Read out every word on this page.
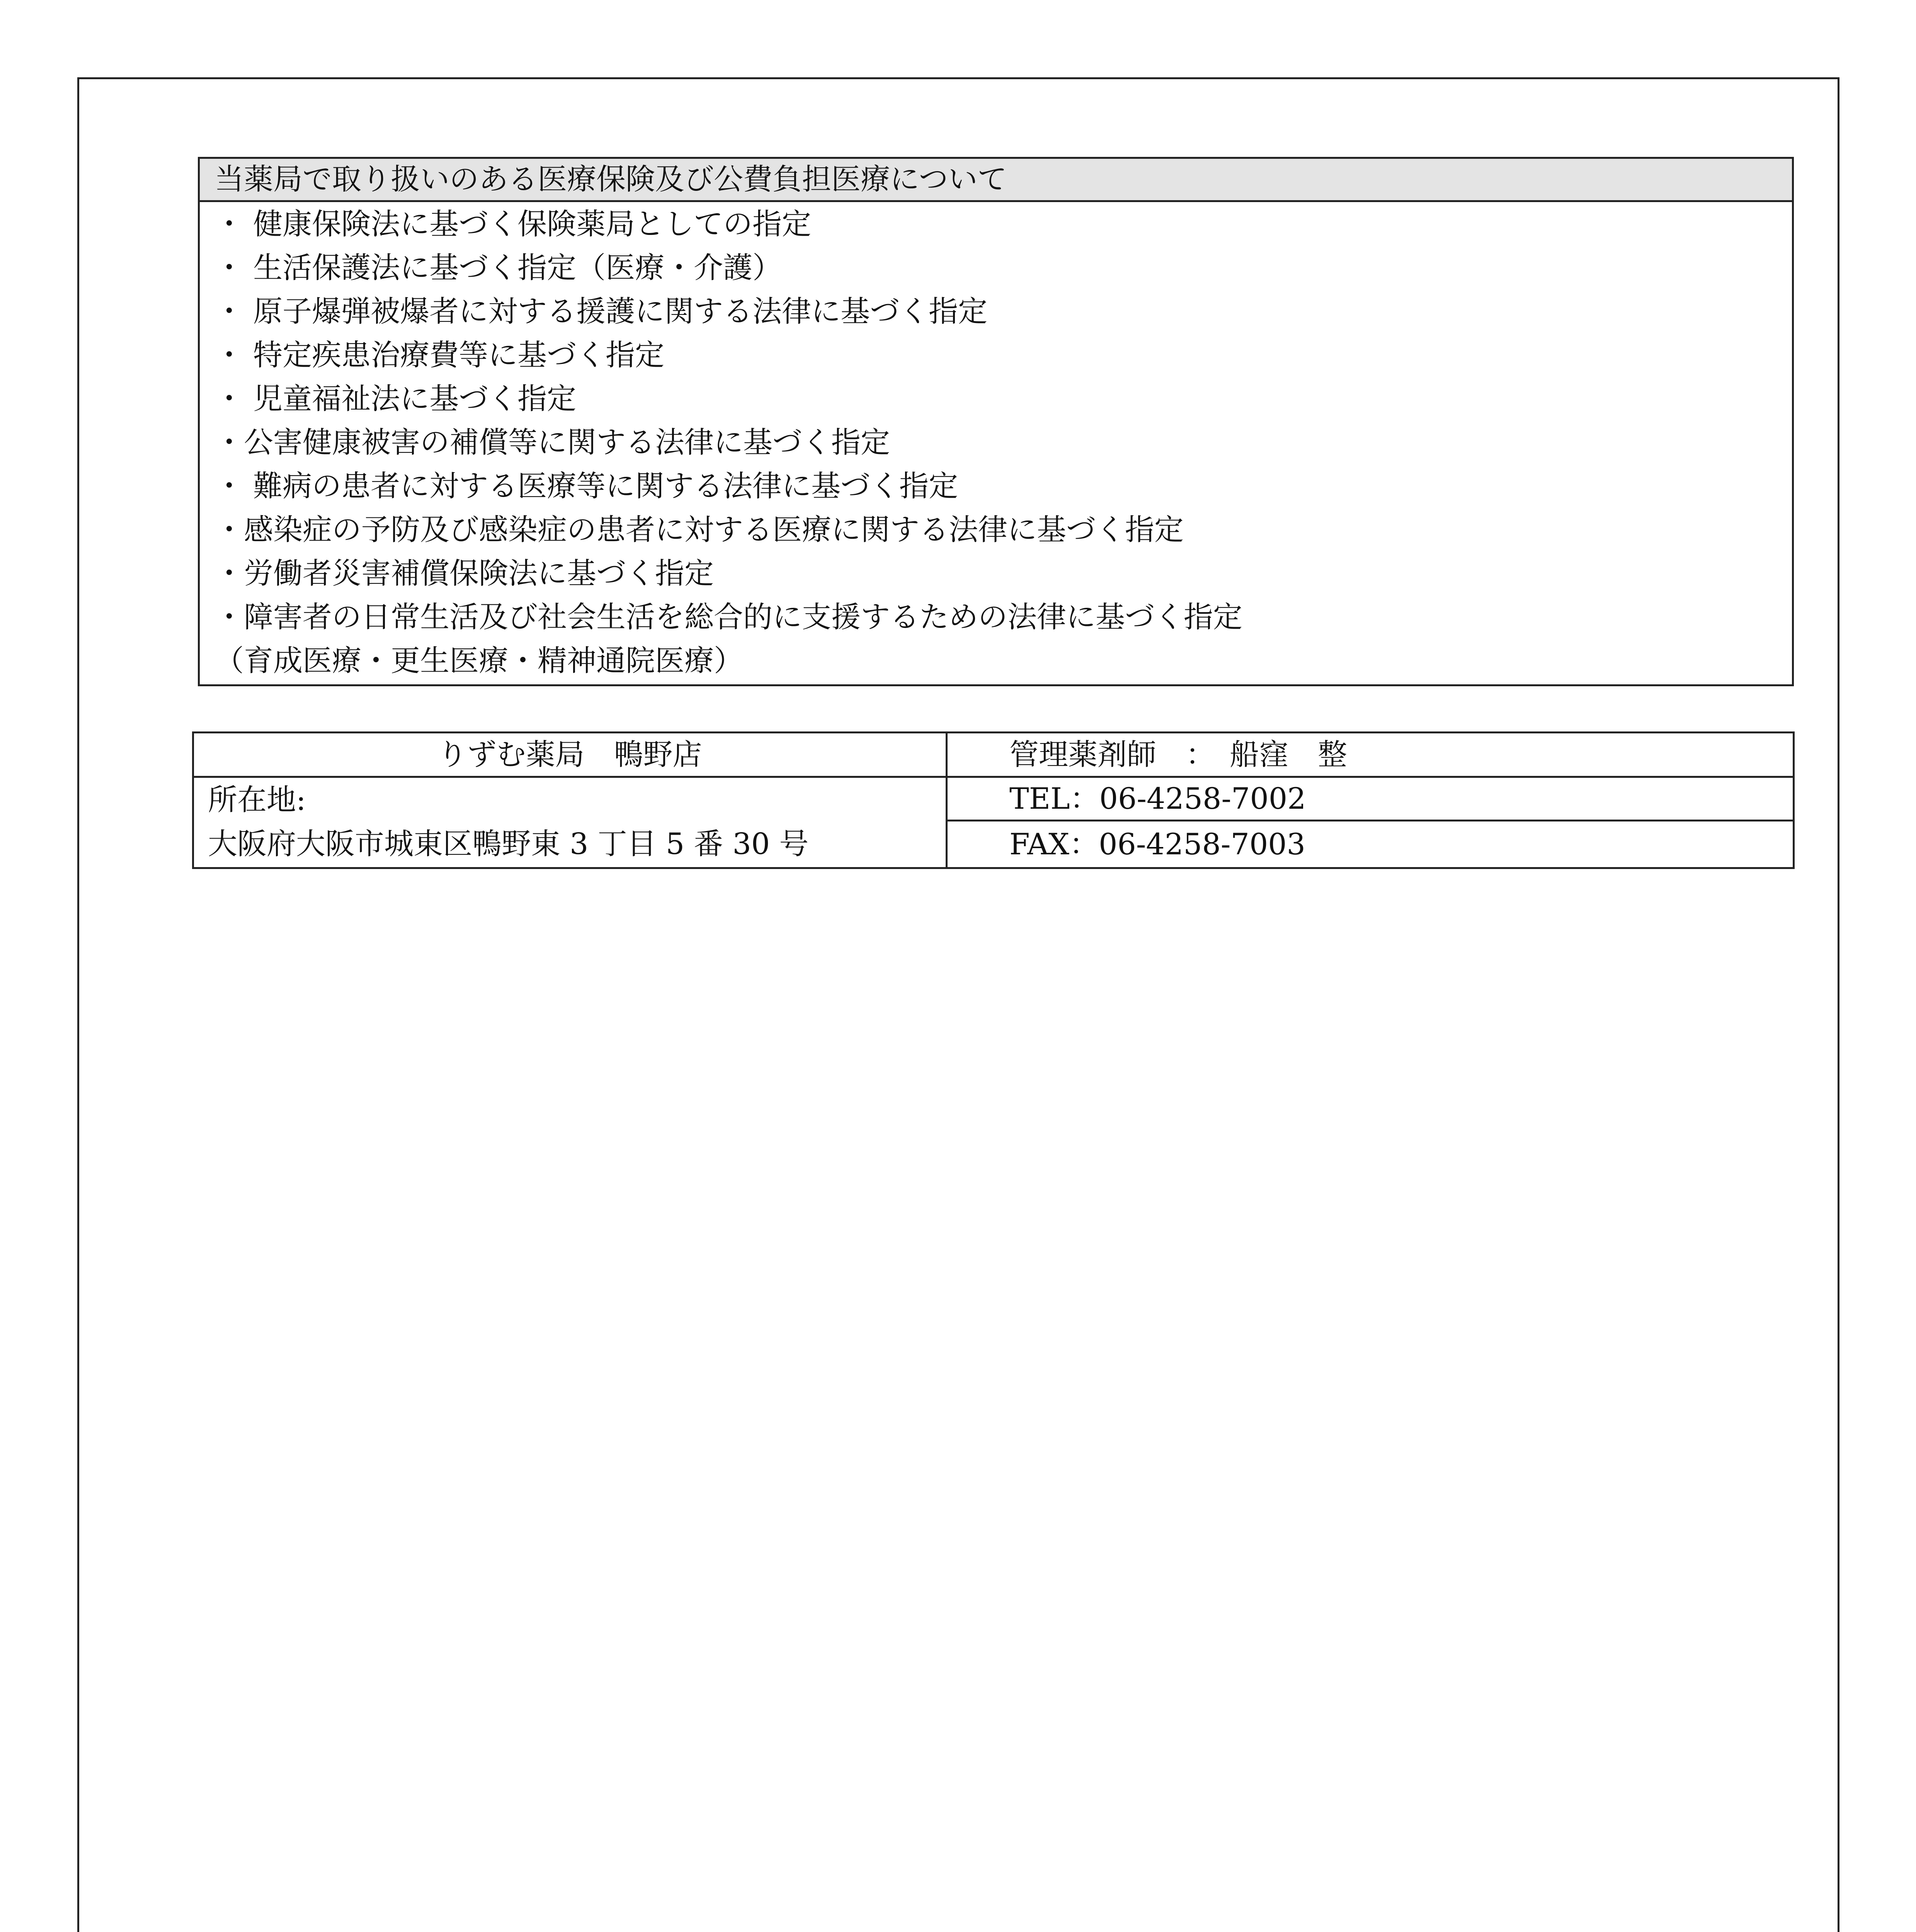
当薬局で取り扱いのある医療保険及び公費負担医療について
・ 健康保険法に基づく保険薬局としての指定
・ 生活保護法に基づく指定（医療・介護）
・ 原子爆弾被爆者に対する援護に関する法律に基づく指定
・ 特定疾患治療費等に基づく指定
・ 児童福祉法に基づく指定
・公害健康被害の補償等に関する法律に基づく指定
・ 難病の患者に対する医療等に関する法律に基づく指定
・感染症の予防及び感染症の患者に対する医療に関する法律に基づく指定
・労働者災害補償保険法に基づく指定
・障害者の日常生活及び社会生活を総合的に支援するための法律に基づく指定
（育成医療・更生医療・精神通院医療）
りずむ薬局　鴨野店	管理薬剤師　：　船窪　整

所在地:
大阪府大阪市城東区鴨野東 3 丁目 5 番 30 号	TEL：06-4258-7002
	FAX：06-4258-7003
